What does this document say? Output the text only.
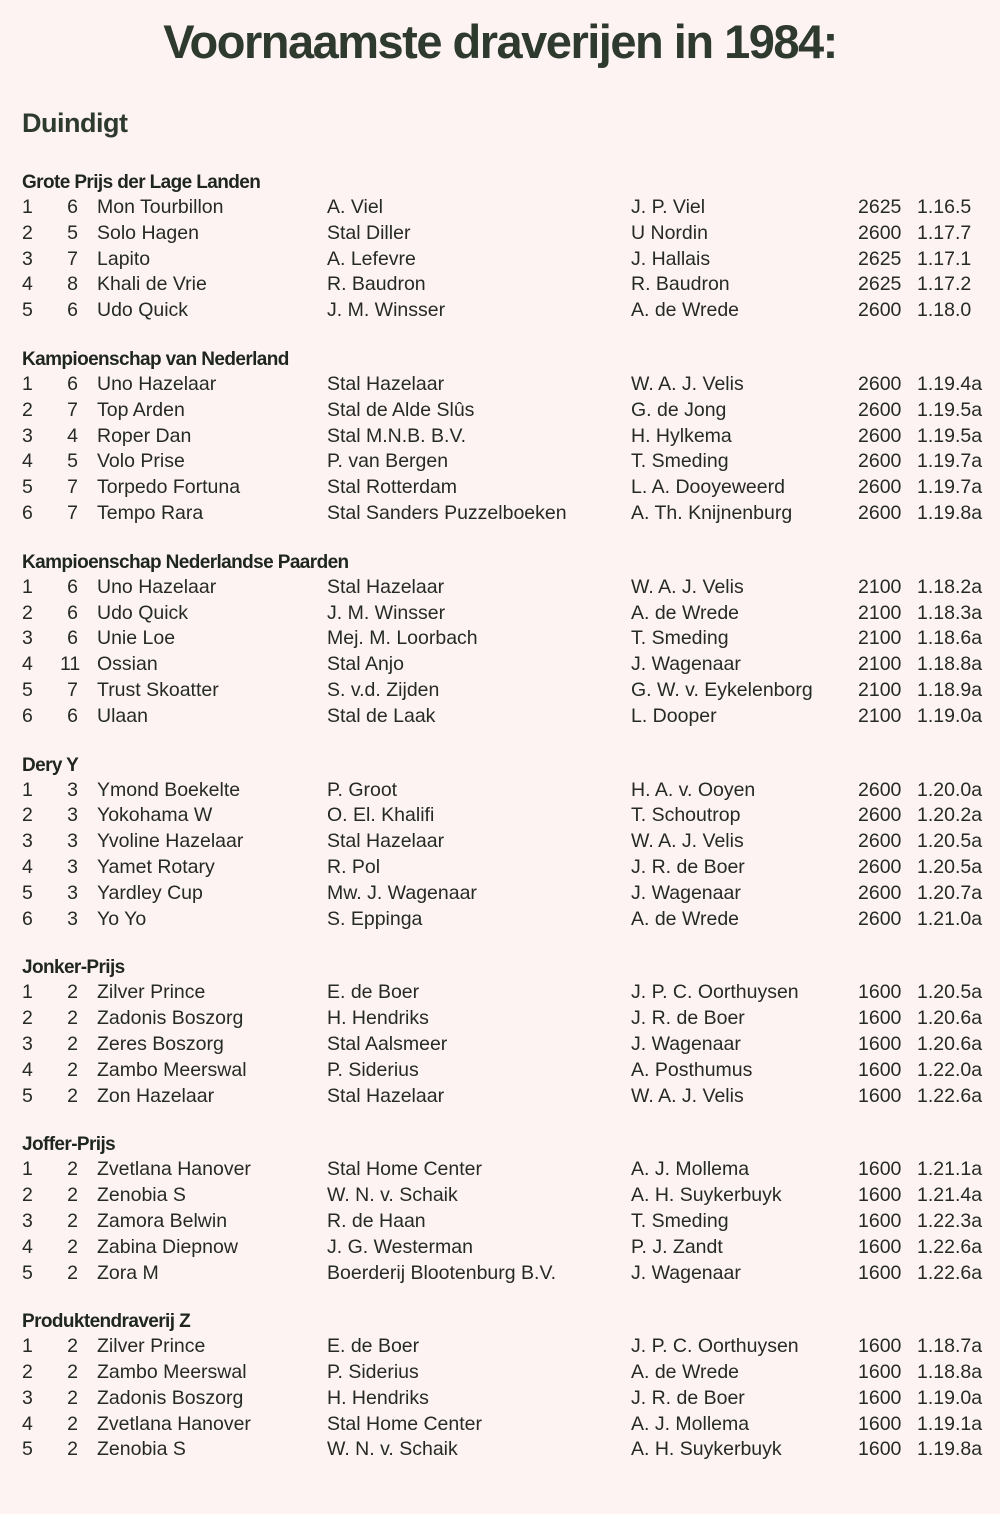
Voornaamste draverijen in 1984:
Duindigt
Grote Prijs der Lage Landen
1	6 Mon Tourbillon	A. Viel	J. P. Viel	2625 1.16.5
2	5 Solo Hagen	Stal Diller	U Nordin	2600 1.17.7
3	7 Lapito	A. Lefevre	J. Hallais	2625 1.17.1
4	8 Khali de Vrie	R. Baudron	R. Baudron	2625 1.17.2
5	6 Udo Quick	J. M. Winsser	A. de Wrede	2600 1.18.0
Kampioenschap van Nederland
1	6 Uno Hazelaar	Stal Hazelaar	W. A. J. Velis	2600 1.19.4a
2	7 Top Arden	Stal de Alde Slûs	G. de Jong	2600 1.19.5a
3	4 Roper Dan	Stal M.N.B. B.V.	H. Hylkema	2600 1.19.5a
4	5 Volo Prise	P. van Bergen	T. Smeding	2600 1.19.7a
5	7 Torpedo Fortuna	Stal Rotterdam	L. A. Dooyeweerd	2600 1.19.7a
6	7 Tempo Rara	Stal Sanders Puzzelboeken	A. Th. Knijnenburg	2600 1.19.8a
Kampioenschap Nederlandse Paarden
1	6 Uno Hazelaar	Stal Hazelaar	W. A. J. Velis	2100 1.18.2a
2	6 Udo Quick	J. M. Winsser	A. de Wrede	2100 1.18.3a
3	6 Unie Loe	Mej. M. Loorbach	T. Smeding	2100 1.18.6a
4 11 Ossian	Stal Anjo	J. Wagenaar	2100 1.18.8a
5	7 Trust Skoatter	S. v.d. Zijden	G. W. v. Eykelenborg 2100 1.18.9a
6	6 Ulaan	Stal de Laak	L. Dooper	2100 1.19.0a
Dery Y
1	3 Ymond Boekelte	P. Groot	H. A. v. Ooyen	2600 1.20.0a
2	3 Yokohama W	O. El. Khalifi	T. Schoutrop	2600 1.20.2a
3	3 Yvoline Hazelaar	Stal Hazelaar	W. A. J. Velis	2600 1.20.5a
4	3 Yamet Rotary	R. Pol	J. R. de Boer	2600 1.20.5a
5	3 Yardley Cup	Mw. J. Wagenaar	J. Wagenaar	2600 1.20.7a
6	3 Yo Yo	S. Eppinga	A. de Wrede	2600 1.21.0a
Jonker-Prijs
1	2 Zilver Prince	E. de Boer	J. P. C. Oorthuysen	1600 1.20.5a
2	2 Zadonis Boszorg	H. Hendriks	J. R. de Boer	1600 1.20.6a
3	2 Zeres Boszorg	Stal Aalsmeer	J. Wagenaar	1600 1.20.6a
4	2 Zambo Meerswal	P. Siderius	A. Posthumus	1600 1.22.0a
5	2 Zon Hazelaar	Stal Hazelaar	W. A. J. Velis	1600 1.22.6a
Joffer-Prijs
1	2 Zvetlana Hanover	Stal Home Center	A. J. Mollema	1600 1.21.1a
2	2 Zenobia S	W. N. v. Schaik	A. H. Suykerbuyk	1600 1.21.4a
3	2 Zamora Belwin	R. de Haan	T. Smeding	1600 1.22.3a
4	2 Zabina Diepnow	J. G. Westerman	P. J. Zandt	1600 1.22.6a
5	2 Zora M	Boerderij Blootenburg B.V.	J. Wagenaar	1600 1.22.6a
Produktendraverij Z
1	2 Zilver Prince	E. de Boer	J. P. C. Oorthuysen	1600 1.18.7a
2	2 Zambo Meerswal	P. Siderius	A. de Wrede	1600 1.18.8a
3	2 Zadonis Boszorg	H. Hendriks	J. R. de Boer	1600 1.19.0a
4	2 Zvetlana Hanover	Stal Home Center	A. J. Mollema	1600 1.19.1a
5	2 Zenobia S	W. N. v. Schaik	A. H. Suykerbuyk	1600 1.19.8a
